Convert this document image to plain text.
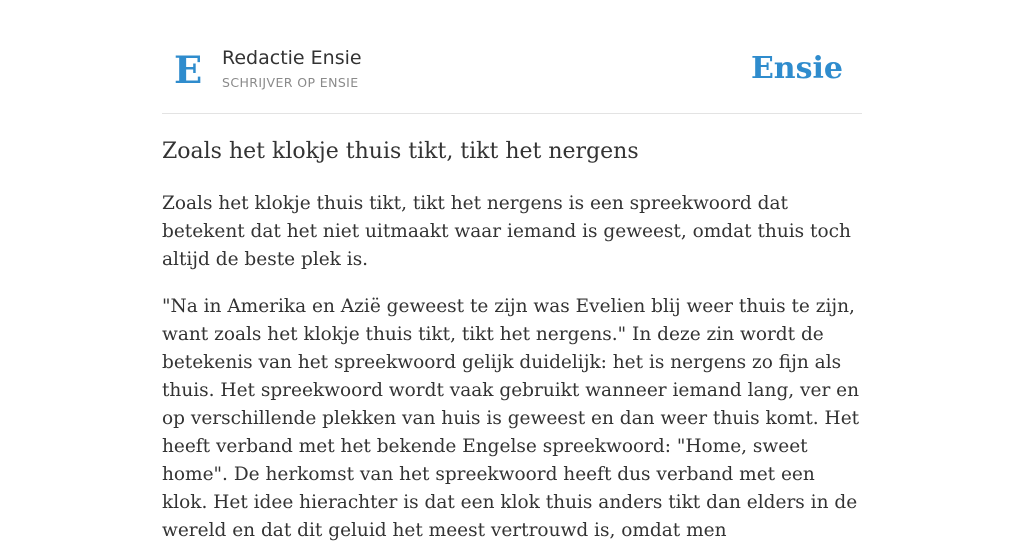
E Redactie Ensie
SCHRIJVER OP ENSIE	Ensie
Zoals het klokje thuis tikt, tikt het nergens

Zoals het klokje thuis tikt, tikt het nergens is een spreekwoord dat betekent dat het niet uitmaakt waar iemand is geweest, omdat thuis toch altijd de beste plek is.

"Na in Amerika en Azië geweest te zijn was Evelien blij weer thuis te zijn, want zoals het klokje thuis tikt, tikt het nergens." In deze zin wordt de betekenis van het spreekwoord gelijk duidelijk: het is nergens zo fijn als thuis. Het spreekwoord wordt vaak gebruikt wanneer iemand lang, ver en op verschillende plekken van huis is geweest en dan weer thuis komt. Het heeft verband met het bekende Engelse spreekwoord: "Home, sweet home". De herkomst van het spreekwoord heeft dus verband met een klok. Het idee hierachter is dat een klok thuis anders tikt dan elders in de wereld en dat dit geluid het meest vertrouwd is, omdat men
